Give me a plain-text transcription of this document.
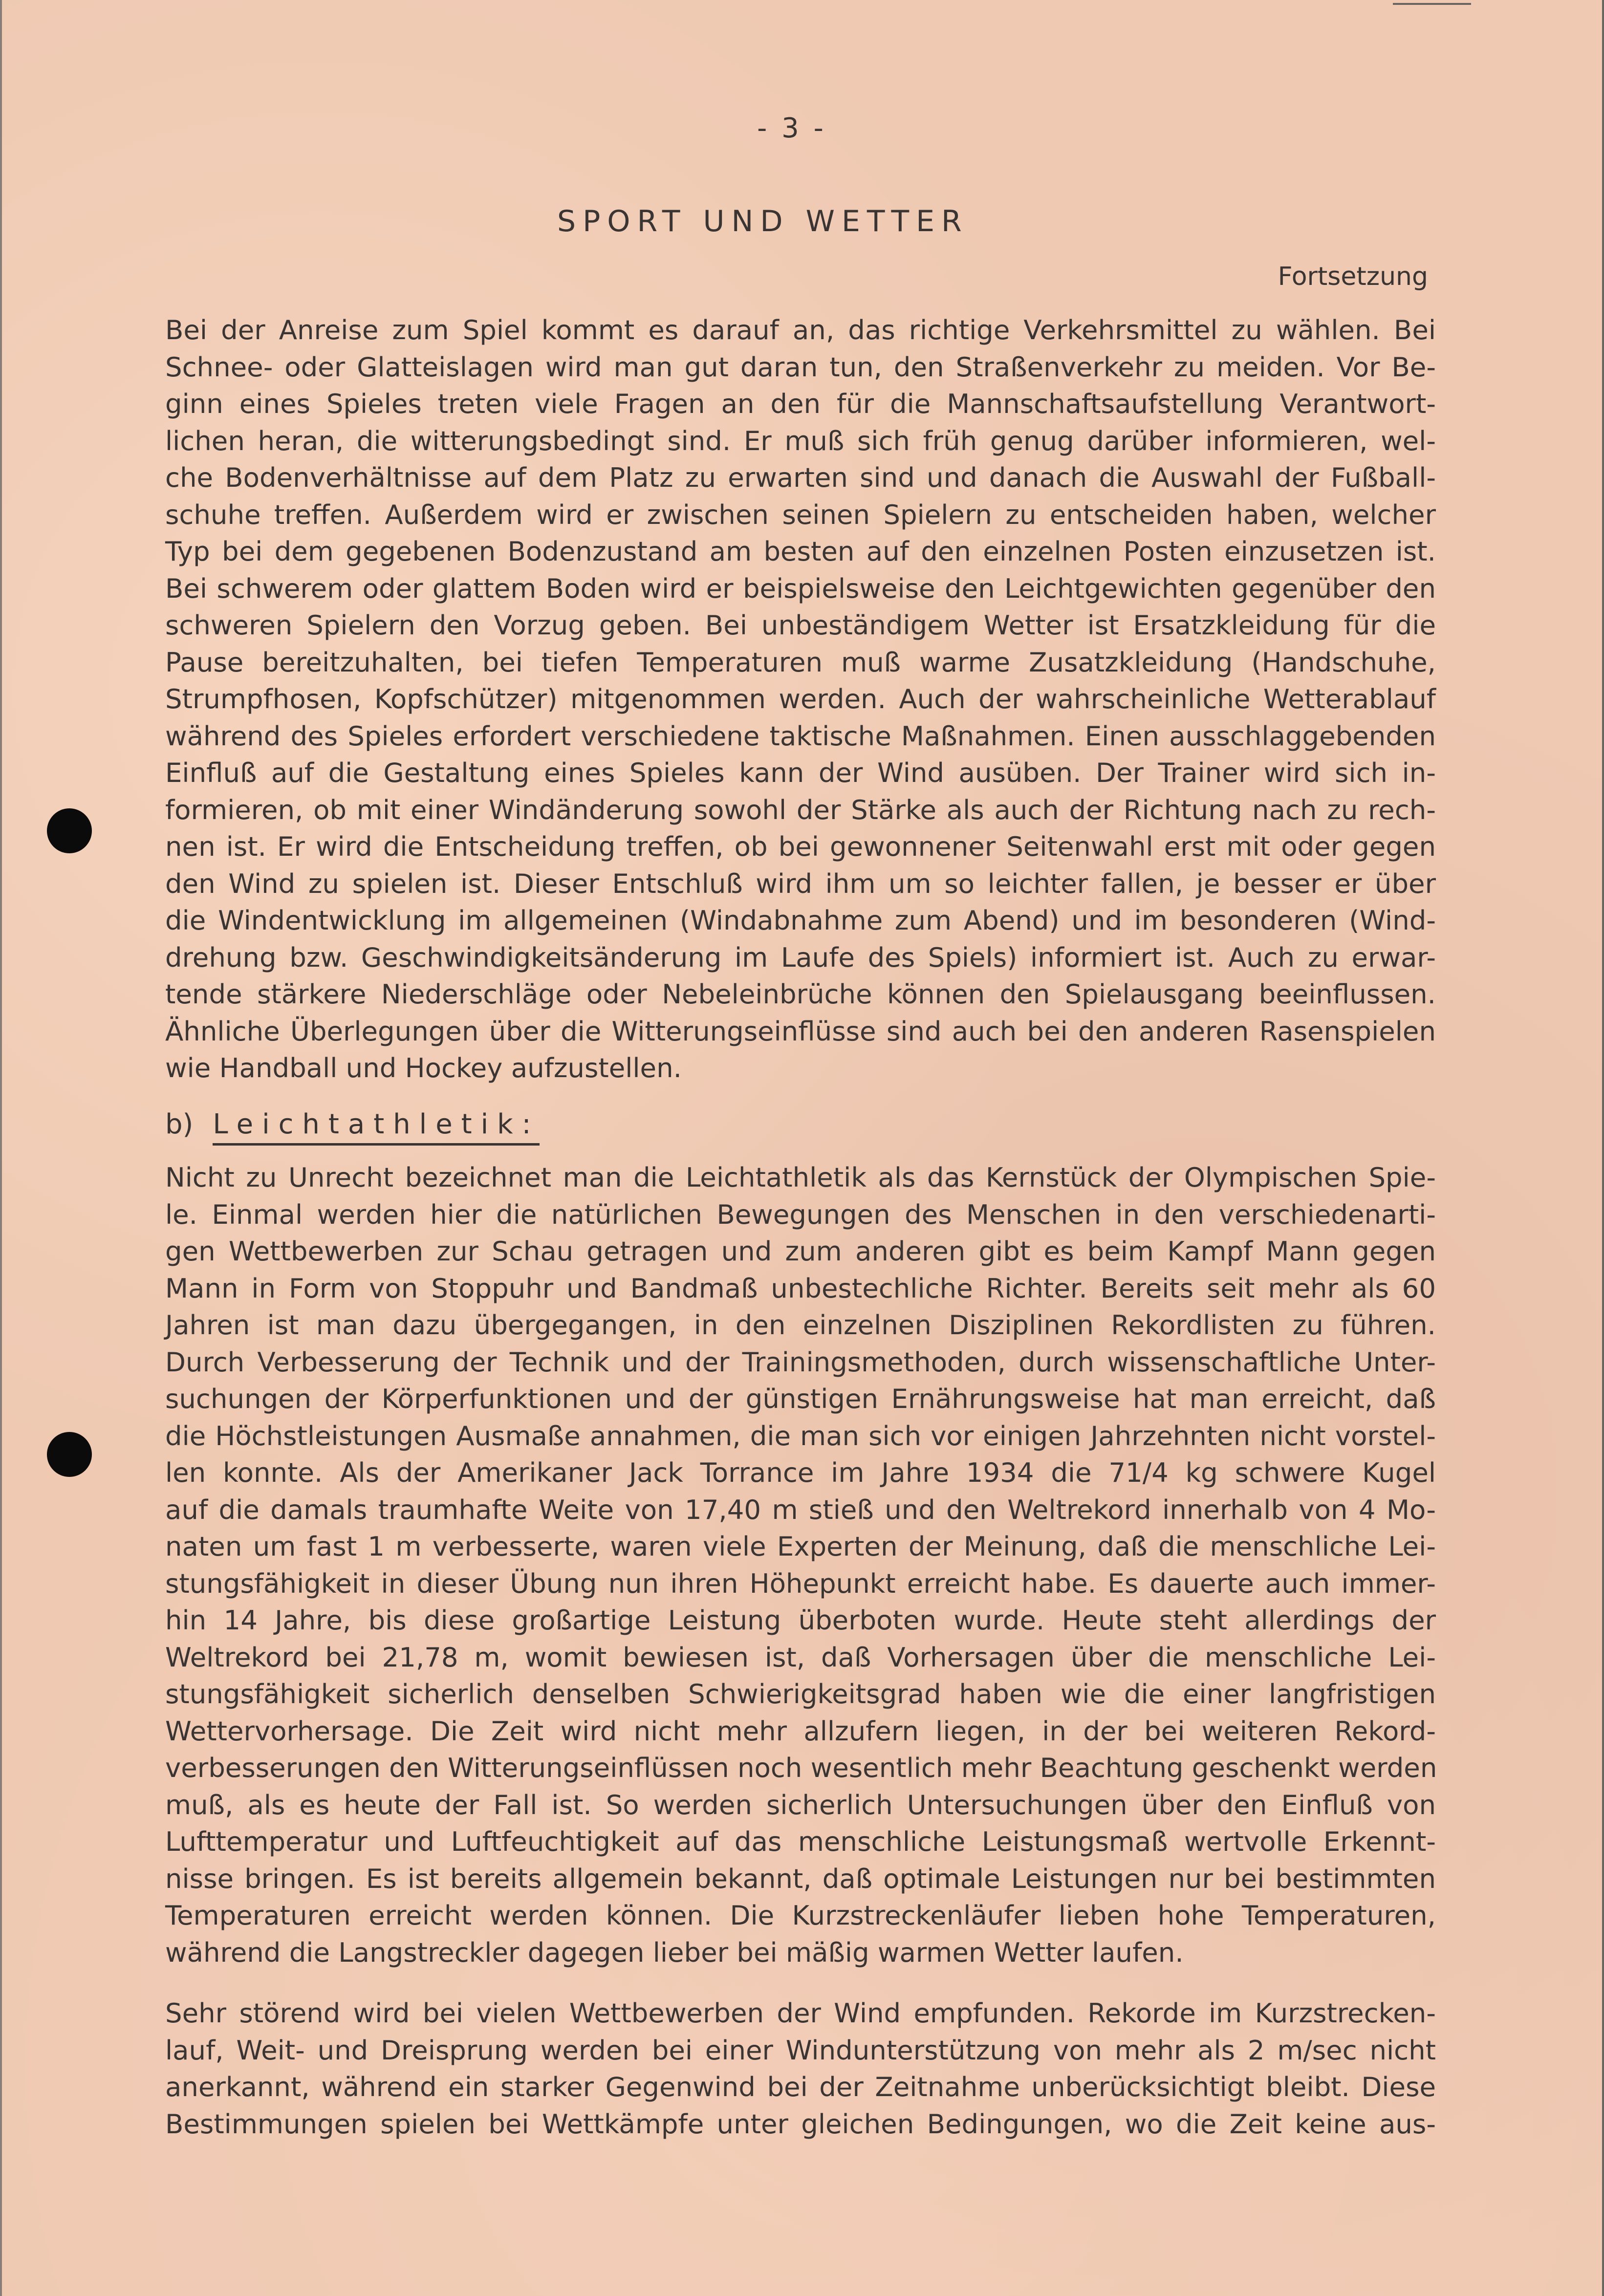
- 3 -
SPORT UND WETTER
Fortsetzung
Bei der Anreise zum Spiel kommt es darauf an, das richtige Verkehrsmittel zu wählen. Bei
Schnee- oder Glatteislagen wird man gut daran tun, den Straßenverkehr zu meiden. Vor Be-
ginn eines Spieles treten viele Fragen an den für die Mannschaftsaufstellung Verantwort-
lichen heran, die witterungsbedingt sind. Er muß sich früh genug darüber informieren, wel-
che Bodenverhältnisse auf dem Platz zu erwarten sind und danach die Auswahl der Fußball-
schuhe treffen. Außerdem wird er zwischen seinen Spielern zu entscheiden haben, welcher
Typ bei dem gegebenen Bodenzustand am besten auf den einzelnen Posten einzusetzen ist.
Bei schwerem oder glattem Boden wird er beispielsweise den Leichtgewichten gegenüber den
schweren Spielern den Vorzug geben. Bei unbeständigem Wetter ist Ersatzkleidung für die
Pause bereitzuhalten, bei tiefen Temperaturen muß warme Zusatzkleidung (Handschuhe,
Strumpfhosen, Kopfschützer) mitgenommen werden. Auch der wahrscheinliche Wetterablauf
während des Spieles erfordert verschiedene taktische Maßnahmen. Einen ausschlaggebenden
Einfluß auf die Gestaltung eines Spieles kann der Wind ausüben. Der Trainer wird sich in-
formieren, ob mit einer Windänderung sowohl der Stärke als auch der Richtung nach zu rech-
nen ist. Er wird die Entscheidung treffen, ob bei gewonnener Seitenwahl erst mit oder gegen
den Wind zu spielen ist. Dieser Entschluß wird ihm um so leichter fallen, je besser er über
die Windentwicklung im allgemeinen (Windabnahme zum Abend) und im besonderen (Wind-
drehung bzw. Geschwindigkeitsänderung im Laufe des Spiels) informiert ist. Auch zu erwar-
tende stärkere Niederschläge oder Nebeleinbrüche können den Spielausgang beeinflussen.
Ähnliche Überlegungen über die Witterungseinflüsse sind auch bei den anderen Rasenspielen
wie Handball und Hockey aufzustellen.
b) Leichtathletik:
Nicht zu Unrecht bezeichnet man die Leichtathletik als das Kernstück der Olympischen Spie-
le. Einmal werden hier die natürlichen Bewegungen des Menschen in den verschiedenarti-
gen Wettbewerben zur Schau getragen und zum anderen gibt es beim Kampf Mann gegen
Mann in Form von Stoppuhr und Bandmaß unbestechliche Richter. Bereits seit mehr als 60
Jahren ist man dazu übergegangen, in den einzelnen Disziplinen Rekordlisten zu führen.
Durch Verbesserung der Technik und der Trainingsmethoden, durch wissenschaftliche Unter-
suchungen der Körperfunktionen und der günstigen Ernährungsweise hat man erreicht, daß
die Höchstleistungen Ausmaße annahmen, die man sich vor einigen Jahrzehnten nicht vorstel-
len konnte. Als der Amerikaner Jack Torrance im Jahre 1934 die 71/4 kg schwere Kugel
auf die damals traumhafte Weite von 17,40 m stieß und den Weltrekord innerhalb von 4 Mo-
naten um fast 1 m verbesserte, waren viele Experten der Meinung, daß die menschliche Lei-
stungsfähigkeit in dieser Übung nun ihren Höhepunkt erreicht habe. Es dauerte auch immer-
hin 14 Jahre, bis diese großartige Leistung überboten wurde. Heute steht allerdings der
Weltrekord bei 21,78 m, womit bewiesen ist, daß Vorhersagen über die menschliche Lei-
stungsfähigkeit sicherlich denselben Schwierigkeitsgrad haben wie die einer langfristigen
Wettervorhersage. Die Zeit wird nicht mehr allzufern liegen, in der bei weiteren Rekord-
verbesserungen den Witterungseinflüssen noch wesentlich mehr Beachtung geschenkt werden
muß, als es heute der Fall ist. So werden sicherlich Untersuchungen über den Einfluß von
Lufttemperatur und Luftfeuchtigkeit auf das menschliche Leistungsmaß wertvolle Erkennt-
nisse bringen. Es ist bereits allgemein bekannt, daß optimale Leistungen nur bei bestimmten
Temperaturen erreicht werden können. Die Kurzstreckenläufer lieben hohe Temperaturen,
während die Langstreckler dagegen lieber bei mäßig warmen Wetter laufen.
Sehr störend wird bei vielen Wettbewerben der Wind empfunden. Rekorde im Kurzstrecken-
lauf, Weit- und Dreisprung werden bei einer Windunterstützung von mehr als 2 m/sec nicht
anerkannt, während ein starker Gegenwind bei der Zeitnahme unberücksichtigt bleibt. Diese
Bestimmungen spielen bei Wettkämpfe unter gleichen Bedingungen, wo die Zeit keine aus-
